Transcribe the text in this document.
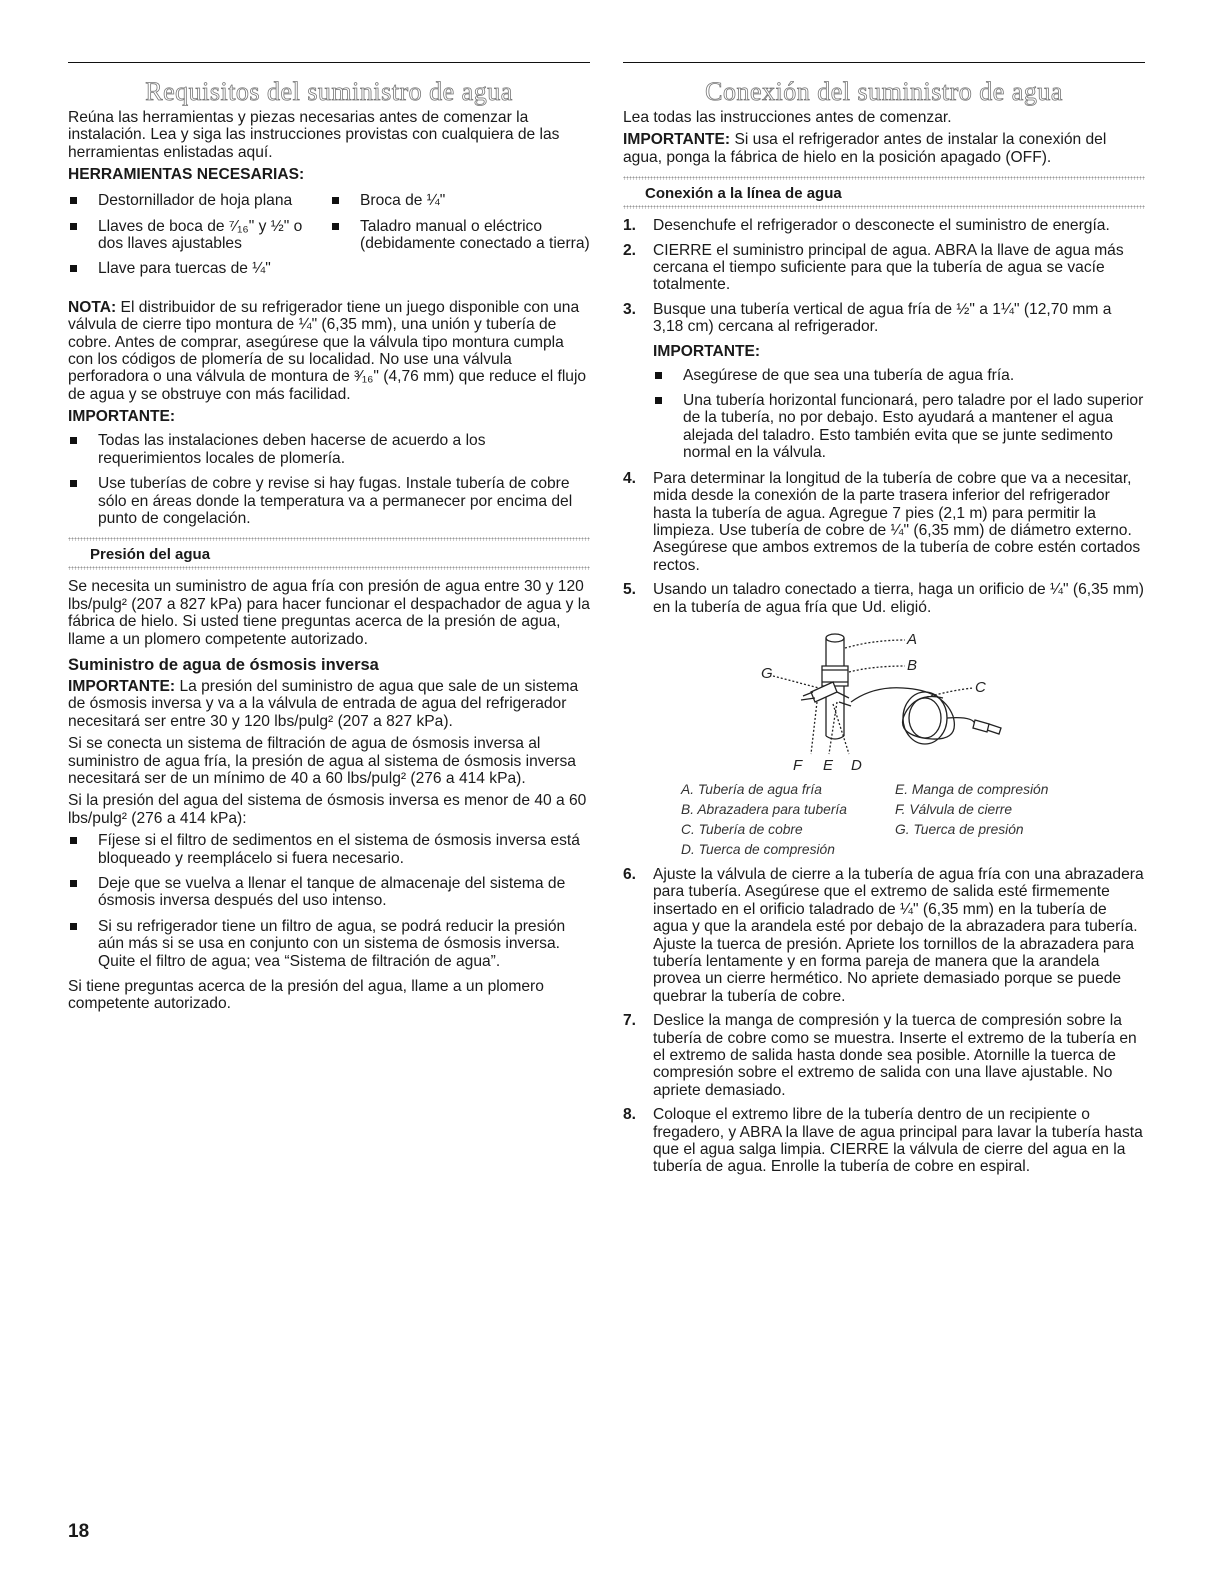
Requisitos del suministro de agua

Reúna las herramientas y piezas necesarias antes de comenzar la instalación. Lea y siga las instrucciones provistas con cualquiera de las herramientas enlistadas aquí.

HERRAMIENTAS NECESARIAS:
Destornillador de hoja plana
Llaves de boca de ⁷⁄₁₆" y ½" o dos llaves ajustables
Llave para tuercas de ¼"
Broca de ¼"
Taladro manual o eléctrico (debidamente conectado a tierra)

NOTA: El distribuidor de su refrigerador tiene un juego disponible con una válvula de cierre tipo montura de ¼" (6,35 mm), una unión y tubería de cobre. Antes de comprar, asegúrese que la válvula tipo montura cumpla con los códigos de plomería de su localidad. No use una válvula perforadora o una válvula de montura de ³⁄₁₆" (4,76 mm) que reduce el flujo de agua y se obstruye con más facilidad.

IMPORTANTE:
Todas las instalaciones deben hacerse de acuerdo a los requerimientos locales de plomería.
Use tuberías de cobre y revise si hay fugas. Instale tubería de cobre sólo en áreas donde la temperatura va a permanecer por encima del punto de congelación.
Presión del agua

Se necesita un suministro de agua fría con presión de agua entre 30 y 120 lbs/pulg² (207 a 827 kPa) para hacer funcionar el despachador de agua y la fábrica de hielo. Si usted tiene preguntas acerca de la presión de agua, llame a un plomero competente autorizado.

Suministro de agua de ósmosis inversa

IMPORTANTE: La presión del suministro de agua que sale de un sistema de ósmosis inversa y va a la válvula de entrada de agua del refrigerador necesitará ser entre 30 y 120 lbs/pulg² (207 a 827 kPa).

Si se conecta un sistema de filtración de agua de ósmosis inversa al suministro de agua fría, la presión de agua al sistema de ósmosis inversa necesitará ser de un mínimo de 40 a 60 lbs/pulg² (276 a 414 kPa).

Si la presión del agua del sistema de ósmosis inversa es menor de 40 a 60 lbs/pulg² (276 a 414 kPa):

Fíjese si el filtro de sedimentos en el sistema de ósmosis inversa está bloqueado y reemplácelo si fuera necesario.
Deje que se vuelva a llenar el tanque de almacenaje del sistema de ósmosis inversa después del uso intenso.
Si su refrigerador tiene un filtro de agua, se podrá reducir la presión aún más si se usa en conjunto con un sistema de ósmosis inversa. Quite el filtro de agua; vea “Sistema de filtración de agua”.

Si tiene preguntas acerca de la presión del agua, llame a un plomero competente autorizado.

Conexión del suministro de agua

Lea todas las instrucciones antes de comenzar.

IMPORTANTE: Si usa el refrigerador antes de instalar la conexión del agua, ponga la fábrica de hielo en la posición apagado (OFF).

Conexión a la línea de agua
1. Desenchufe el refrigerador o desconecte el suministro de energía.
2. CIERRE el suministro principal de agua. ABRA la llave de agua más cercana el tiempo suficiente para que la tubería de agua se vacíe totalmente.
3. Busque una tubería vertical de agua fría de ½" a 1¼" (12,70 mm a 3,18 cm) cercana al refrigerador.
IMPORTANTE:
Asegúrese de que sea una tubería de agua fría.
Una tubería horizontal funcionará, pero taladre por el lado superior de la tubería, no por debajo. Esto ayudará a mantener el agua alejada del taladro. Esto también evita que se junte sedimento normal en la válvula.
4. Para determinar la longitud de la tubería de cobre que va a necesitar, mida desde la conexión de la parte trasera inferior del refrigerador hasta la tubería de agua. Agregue 7 pies (2,1 m) para permitir la limpieza. Use tubería de cobre de ¼" (6,35 mm) de diámetro externo. Asegúrese que ambos extremos de la tubería de cobre estén cortados rectos.
5. Usando un taladro conectado a tierra, haga un orificio de ¼" (6,35 mm) en la tubería de agua fría que Ud. eligió.
A
B
C
D
E
F
G
A. Tubería de agua fría	E. Manga de compresión
B. Abrazadera para tubería	F. Válvula de cierre
C. Tubería de cobre	G. Tuerca de presión
D. Tuerca de compresión
6. Ajuste la válvula de cierre a la tubería de agua fría con una abrazadera para tubería. Asegúrese que el extremo de salida esté firmemente insertado en el orificio taladrado de ¼" (6,35 mm) en la tubería de agua y que la arandela esté por debajo de la abrazadera para tubería. Ajuste la tuerca de presión. Apriete los tornillos de la abrazadera para tubería lentamente y en forma pareja de manera que la arandela provea un cierre hermético. No apriete demasiado porque se puede quebrar la tubería de cobre.
7. Deslice la manga de compresión y la tuerca de compresión sobre la tubería de cobre como se muestra. Inserte el extremo de la tubería en el extremo de salida hasta donde sea posible. Atornille la tuerca de compresión sobre el extremo de salida con una llave ajustable. No apriete demasiado.
8. Coloque el extremo libre de la tubería dentro de un recipiente o fregadero, y ABRA la llave de agua principal para lavar la tubería hasta que el agua salga limpia. CIERRE la válvula de cierre del agua en la tubería de agua. Enrolle la tubería de cobre en espiral.
18
